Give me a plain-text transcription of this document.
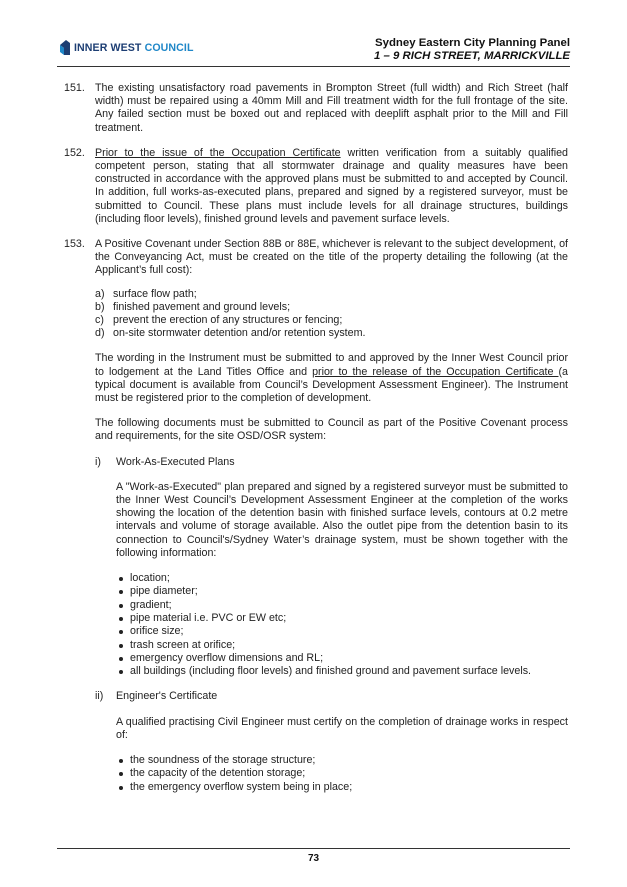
INNER WEST COUNCIL	Sydney Eastern City Planning Panel
1 – 9 RICH STREET, MARRICKVILLE
151. The existing unsatisfactory road pavements in Brompton Street (full width) and Rich Street (half width) must be repaired using a 40mm Mill and Fill treatment width for the full frontage of the site. Any failed section must be boxed out and replaced with deeplift asphalt prior to the Mill and Fill treatment.
152. Prior to the issue of the Occupation Certificate written verification from a suitably qualified competent person, stating that all stormwater drainage and quality measures have been constructed in accordance with the approved plans must be submitted to and accepted by Council. In addition, full works-as-executed plans, prepared and signed by a registered surveyor, must be submitted to Council. These plans must include levels for all drainage structures, buildings (including floor levels), finished ground levels and pavement surface levels.
153. A Positive Covenant under Section 88B or 88E, whichever is relevant to the subject development, of the Conveyancing Act, must be created on the title of the property detailing the following (at the Applicant’s full cost):

a) surface flow path;
b) finished pavement and ground levels;
c) prevent the erection of any structures or fencing;
d) on-site stormwater detention and/or retention system.

The wording in the Instrument must be submitted to and approved by the Inner West Council prior to lodgement at the Land Titles Office and prior to the release of the Occupation Certificate (a typical document is available from Council’s Development Assessment Engineer). The Instrument must be registered prior to the completion of development.

The following documents must be submitted to Council as part of the Positive Covenant process and requirements, for the site OSD/OSR system:

i)	Work-As-Executed Plans

A "Work-as-Executed" plan prepared and signed by a registered surveyor must be submitted to the Inner West Council’s Development Assessment Engineer at the completion of the works showing the location of the detention basin with finished surface levels, contours at 0.2 metre intervals and volume of storage available. Also the outlet pipe from the detention basin to its connection to Council's/Sydney Water’s drainage system, must be shown together with the following information:

location;
pipe diameter;
gradient;
pipe material i.e. PVC or EW etc;
orifice size;
trash screen at orifice;
emergency overflow dimensions and RL;
all buildings (including floor levels) and finished ground and pavement surface levels.
ii)	Engineer's Certificate

A qualified practising Civil Engineer must certify on the completion of drainage works in respect of:

the soundness of the storage structure;
the capacity of the detention storage;
the emergency overflow system being in place;
73
